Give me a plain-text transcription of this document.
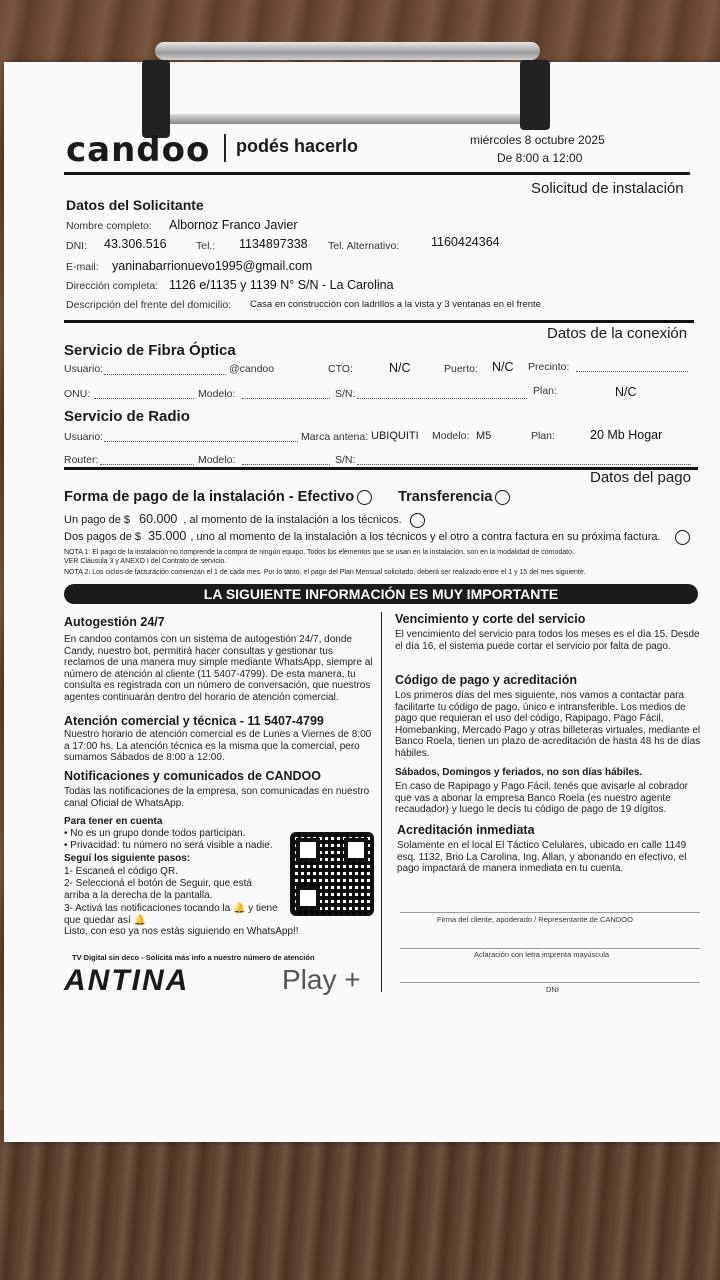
candoo podés hacerlo	miércoles 8 octubre 2025
De 8:00 a 12:00
Solicitud de instalación
Datos del Solicitante
Nombre completo: Albornoz Franco Javier
DNI: 43.306.516	Tel.: 1134897338 Tel. Alternativo:	1160424364
E-mail: yaninabarrionuevo1995@gmail.com
Dirección completa: 1126 e/1135 y 1139 N° S/N - La Carolina
Descripción del frente del domicilio: Casa en construcción con ladrillos a la vista y 3 ventanas en el frente
Datos de la conexión
Servicio de Fibra Óptica
Usuario:	@candoo	CTO:	N/C	Puerto: N/C Precinto:
ONU:	Modelo:	S/N:	Plan:	N/C
Servicio de Radio
Usuario:	Marca antena: UBIQUITI Modelo: M5	Plan:	20 Mb Hogar
Router:	Modelo:	S/N:
Datos del pago
Forma de pago de la instalación - Efectivo	Transferencia
Un pago de $ 60.000 , al momento de la instalación a los técnicos.
Dos pagos de $ 35.000 , uno al momento de la instalación a los técnicos y el otro a contra factura en su próxima factura.
NOTA 1: El pago de la instalación no comprende la compra de ningún equipo. Todos los elementos que se usan en la instalación, son en la modalidad de comodato.
VER Cláusula 3 y ANEXO I del Contrato de servicio.
NOTA 2: Los ciclos de facturación comienzan el 1 de cada mes. Por lo tanto, el pago del Plan Mensual solicitado, deberá ser realizado entre el 1 y 15 del mes siguiente.
LA SIGUIENTE INFORMACIÓN ES MUY IMPORTANTE
Autogestión 24/7
En candoo contamos con un sistema de autogestión 24/7, donde Candy, nuestro bot, permitirá hacer consultas y gestionar tus reclamos de una manera muy simple mediante WhatsApp, siempre al número de atención al cliente (11 5407-4799). De esta manera, tu consulta es registrada con un número de conversación, que nuestros agentes continuarán dentro del horario de atención comercial.
Atención comercial y técnica - 11 5407-4799
Nuestro horario de atención comercial es de Lunes a Viernes de 8:00 a 17:00 hs. La atención técnica es la misma que la comercial, pero sumamos Sábados de 8:00 a 12:00.
Notificaciones y comunicados de CANDOO
Todas las notificaciones de la empresa, son comunicadas en nuestro canal Oficial de WhatsApp.
Para tener en cuenta
• No es un grupo donde todos participan.
• Privacidad: tu número no será visible a nadie.
Seguí los siguiente pasos:
1- Escaneá el código QR.
2- Seleccioná el botón de Seguir, que está arriba a la derecha de la pantalla.
3- Activá las notificaciones tocando la 🔔 y tiene que quedar así 🔔
Listo, con eso ya nos estás siguiendo en WhatsApp!!
TV Digital sin deco - Solicitá más info a nuestro número de atención
ANTINA	Play +
Vencimiento y corte del servicio
El vencimiento del servicio para todos los meses es el día 15. Desde el día 16, el sistema puede cortar el servicio por falta de pago.
Código de pago y acreditación
Los primeros días del mes siguiente, nos vamos a contactar para facilitarte tu código de pago, único e intransferible. Los medios de pago que requieran el uso del código, Rapipago, Pago Fácil, Homebanking, Mercado Pago y otras billeteras virtuales, mediante el Banco Roela, tienen un plazo de acreditación de hasta 48 hs de días hábiles.
Sábados, Domingos y feriados, no son días hábiles.
En caso de Rapipago y Pago Fácil, tenés que avisarle al cobrador que vas a abonar la empresa Banco Roela (es nuestro agente recaudador) y luego le decís tu código de pago de 19 dígitos.
Acreditación inmediata
Solamente en el local El Táctico Celulares, ubicado en calle 1149 esq. 1132, Brio La Carolina, Ing. Allan, y abonando en efectivo, el pago impactará de manera inmediata en tu cuenta.
Firma del cliente, apoderado / Representante de CANDOO
Aclaración con letra imprenta mayúscula
DNI
